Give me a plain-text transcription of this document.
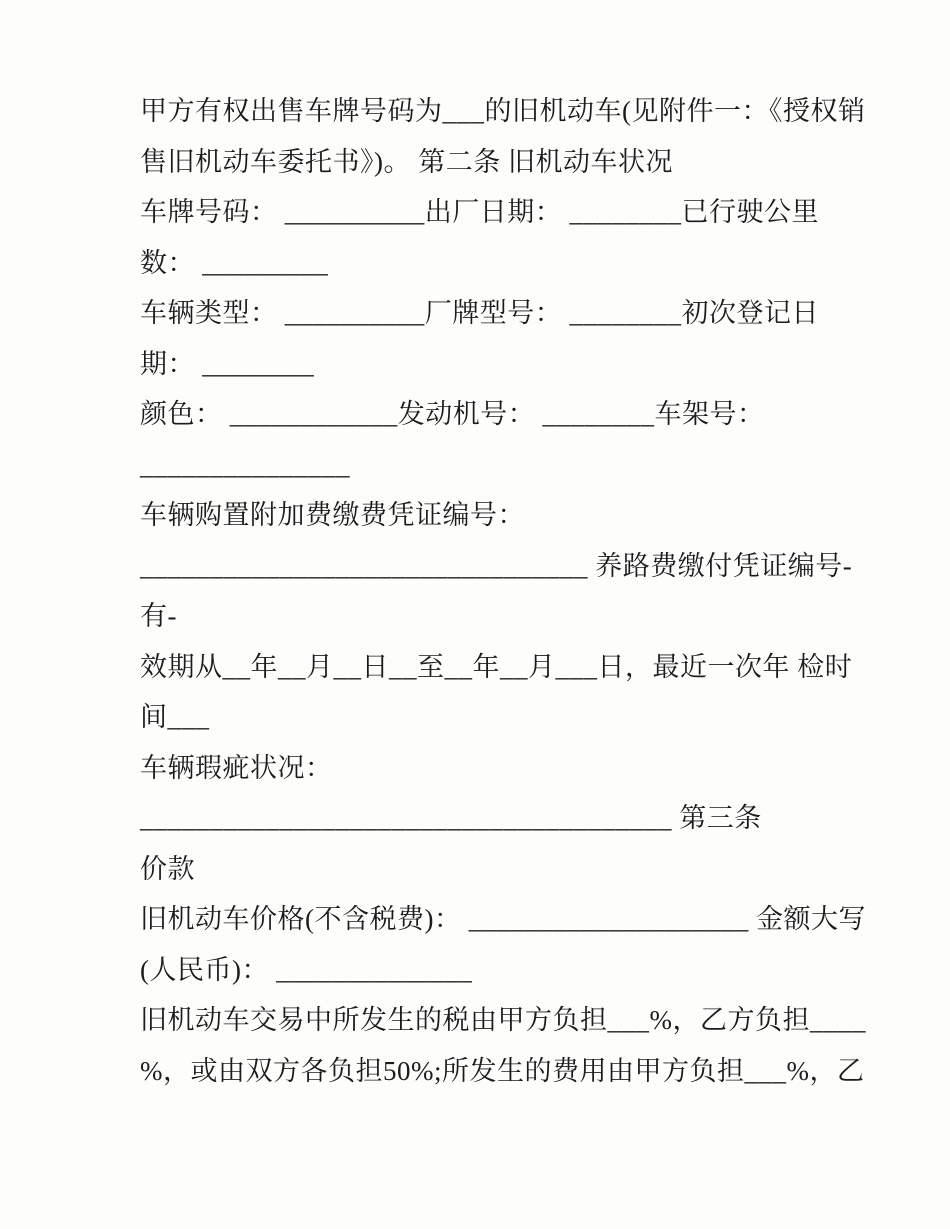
甲方有权出售车牌号码为___的旧机动车(见附件一：《授权销
售旧机动车委托书》)。 第二条 旧机动车状况
车牌号码： __________出厂日期： ________已行驶公里
数： _________
车辆类型： __________厂牌型号： ________初次登记日
期： ________
颜色： ____________发动机号： ________车架号：
_______________
车辆购置附加费缴费凭证编号：
________________________________ 养路费缴付凭证编号-
有-
效期从__年__月__日__至__年__月___日，最近一次年 检时
间___
车辆瑕疵状况：
______________________________________ 第三条
价款
旧机动车价格(不含税费)： ____________________ 金额大写
(人民币)： ______________
旧机动车交易中所发生的税由甲方负担___%，乙方负担____
%，或由双方各负担50%;所发生的费用由甲方负担___%，乙
